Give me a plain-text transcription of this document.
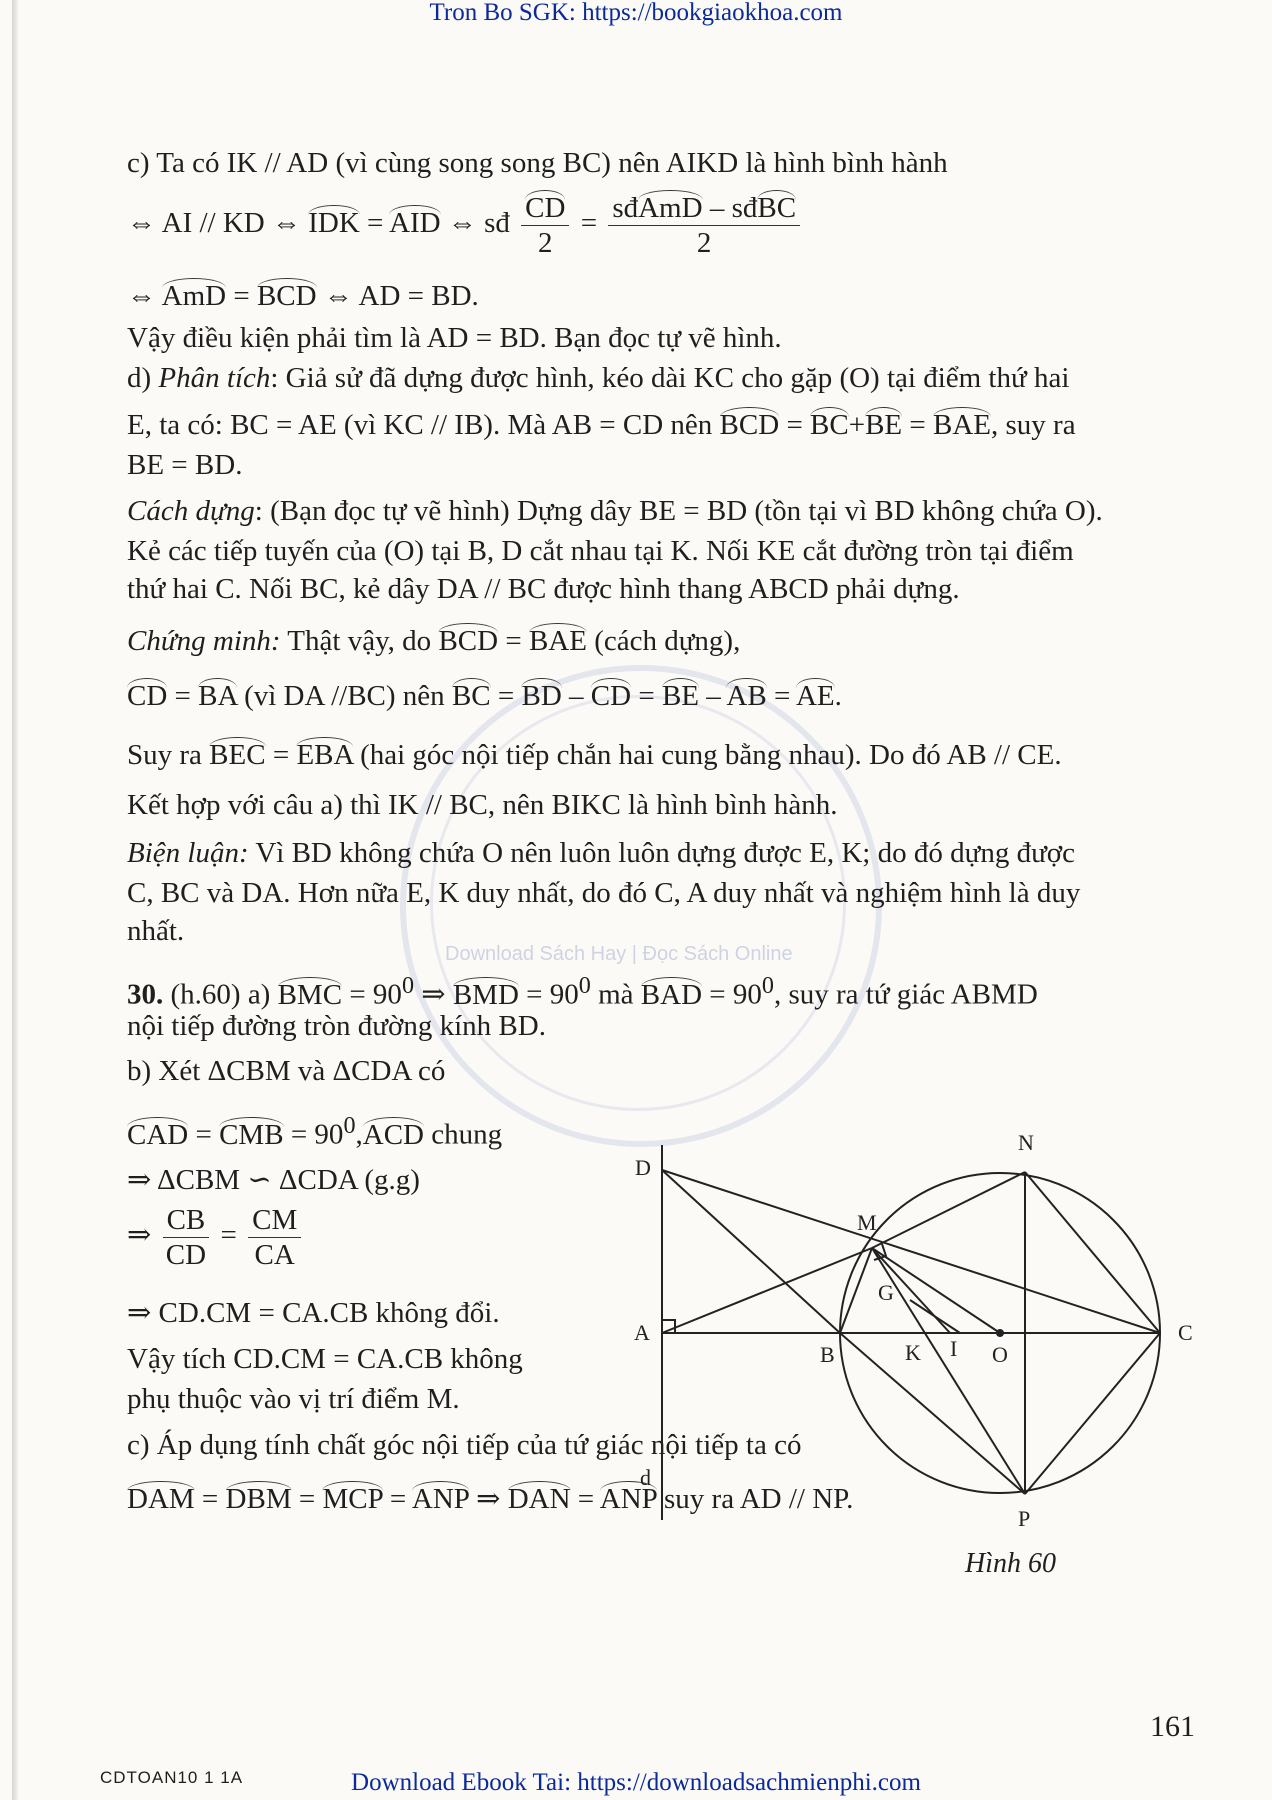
Tron Bo SGK: https://bookgiaokhoa.com
Download Sách Hay | Đọc Sách Online
c) Ta có IK // AD (vì cùng song song BC) nên AIKD là hình bình hành
⇔ AI // KD ⇔ IDK = AID ⇔ sđ $\frac{CD}{2} = \frac{\text{sđAmD – sđBC}}{2}$
⇔ AmD = BCD ⇔ AD = BD.
Vậy điều kiện phải tìm là AD = BD. Bạn đọc tự vẽ hình.
d) Phân tích: Giả sử đã dựng được hình, kéo dài KC cho gặp (O) tại điểm thứ hai
E, ta có: BC = AE (vì KC // IB). Mà AB = CD nên BCD = BC+BE = BAE, suy ra
BE = BD.
Cách dựng: (Bạn đọc tự vẽ hình) Dựng dây BE = BD (tồn tại vì BD không chứa O).
Kẻ các tiếp tuyến của (O) tại B, D cắt nhau tại K. Nối KE cắt đường tròn tại điểm
thứ hai C. Nối BC, kẻ dây DA // BC được hình thang ABCD phải dựng.
Chứng minh: Thật vậy, do BCD = BAE (cách dựng),
CD = BA (vì DA //BC) nên BC = BD – CD = BE – AB = AE.
Suy ra BEC = EBA (hai góc nội tiếp chắn hai cung bằng nhau). Do đó AB // CE.
Kết hợp với câu a) thì IK // BC, nên BIKC là hình bình hành.
Biện luận: Vì BD không chứa O nên luôn luôn dựng được E, K; do đó dựng được
C, BC và DA. Hơn nữa E, K duy nhất, do đó C, A duy nhất và nghiệm hình là duy
nhất.
30. (h.60) a) BMC = $90^0$ ⇒ BMD = $90^0$ mà BAD = $90^0$, suy ra tứ giác ABMD
nội tiếp đường tròn đường kính BD.
b) Xét ΔCBM và ΔCDA có
CAD = CMB = $90^0,ACD$ chung
⇒ ΔCBM ∽ ΔCDA (g.g)
⇒ $\frac{CB}{CD} = \frac{CM}{CA}$
⇒ CD.CM = CA.CB không đổi.
Vậy tích CD.CM = CA.CB không
phụ thuộc vào vị trí điểm M.
c) Áp dụng tính chất góc nội tiếp của tứ giác nội tiếp ta có
DAM = DBM = MCP = ANP ⇒ DAN = ANP suy ra AD // NP.
D
N
M
G
A
B	K I O
C
d
P
Hình 60
161
CDTOAN10 1 1A	Download Ebook Tai: https://downloadsachmienphi.com
